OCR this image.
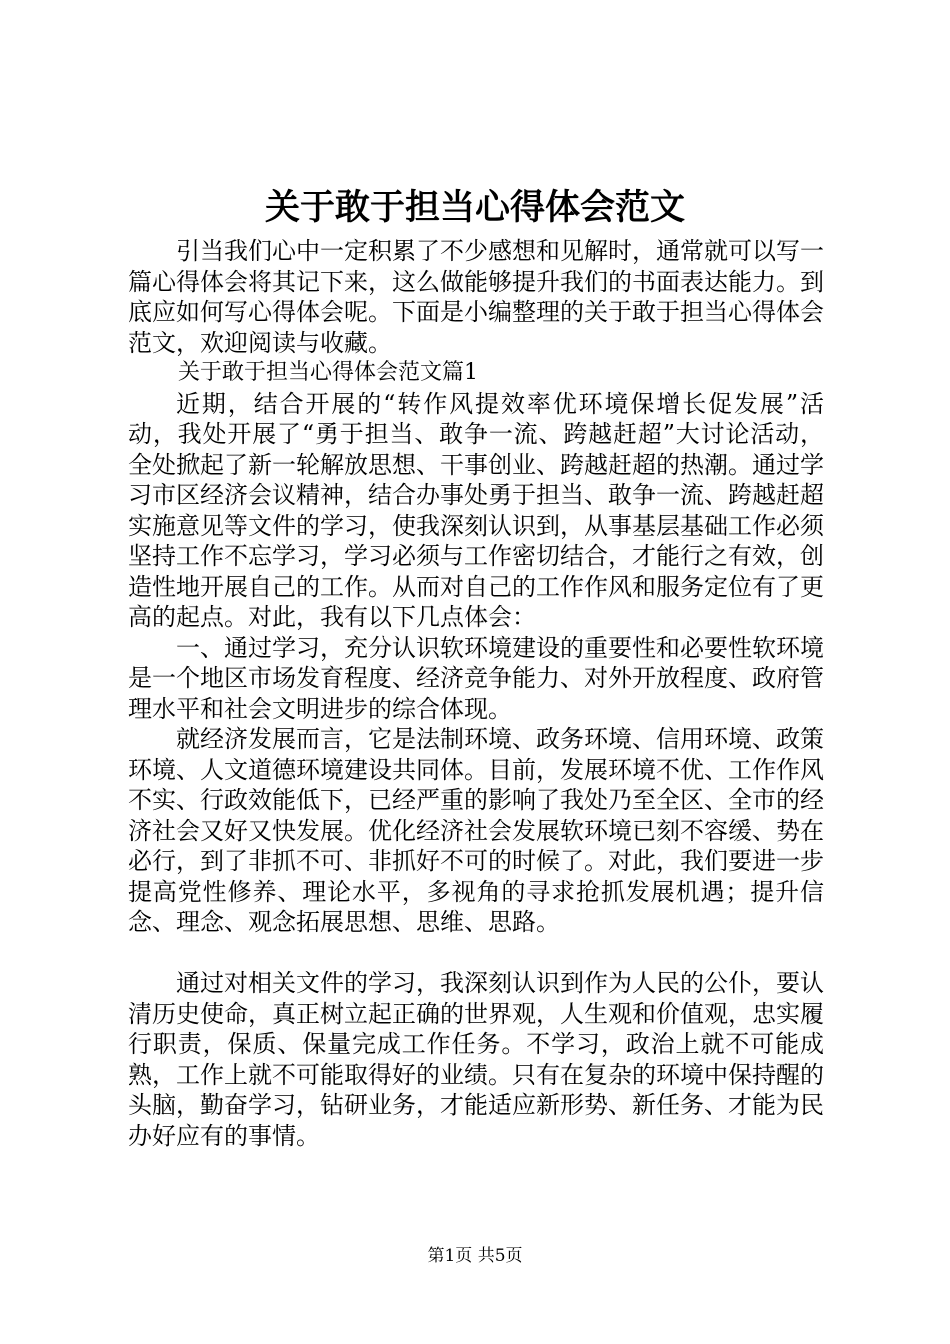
关于敢于担当心得体会范文

引当我们心中一定积累了不少感想和见解时，通常就可以写一篇心得体会将其记下来，这么做能够提升我们的书面表达能力。到底应如何写心得体会呢。下面是小编整理的关于敢于担当心得体会范文，欢迎阅读与收藏。

关于敢于担当心得体会范文篇1

近期，结合开展的“转作风提效率优环境保增长促发展”活动，我处开展了“勇于担当、敢争一流、跨越赶超”大讨论活动，全处掀起了新一轮解放思想、干事创业、跨越赶超的热潮。通过学习市区经济会议精神，结合办事处勇于担当、敢争一流、跨越赶超实施意见等文件的学习，使我深刻认识到，从事基层基础工作必须坚持工作不忘学习，学习必须与工作密切结合，才能行之有效，创造性地开展自己的工作。从而对自己的工作作风和服务定位有了更高的起点。对此，我有以下几点体会：

一、通过学习，充分认识软环境建设的重要性和必要性软环境是一个地区市场发育程度、经济竞争能力、对外开放程度、政府管理水平和社会文明进步的综合体现。

就经济发展而言，它是法制环境、政务环境、信用环境、政策环境、人文道德环境建设共同体。目前，发展环境不优、工作作风不实、行政效能低下，已经严重的影响了我处乃至全区、全市的经济社会又好又快发展。优化经济社会发展软环境已刻不容缓、势在必行，到了非抓不可、非抓好不可的时候了。对此，我们要进一步提高党性修养、理论水平，多视角的寻求抢抓发展机遇；提升信念、理念、观念拓展思想、思维、思路。

通过对相关文件的学习，我深刻认识到作为人民的公仆，要认清历史使命，真正树立起正确的世界观，人生观和价值观，忠实履行职责，保质、保量完成工作任务。不学习，政治上就不可能成熟，工作上就不可能取得好的业绩。只有在复杂的环境中保持醒的头脑，勤奋学习，钻研业务，才能适应新形势、新任务、才能为民办好应有的事情。

第1页 共5页
